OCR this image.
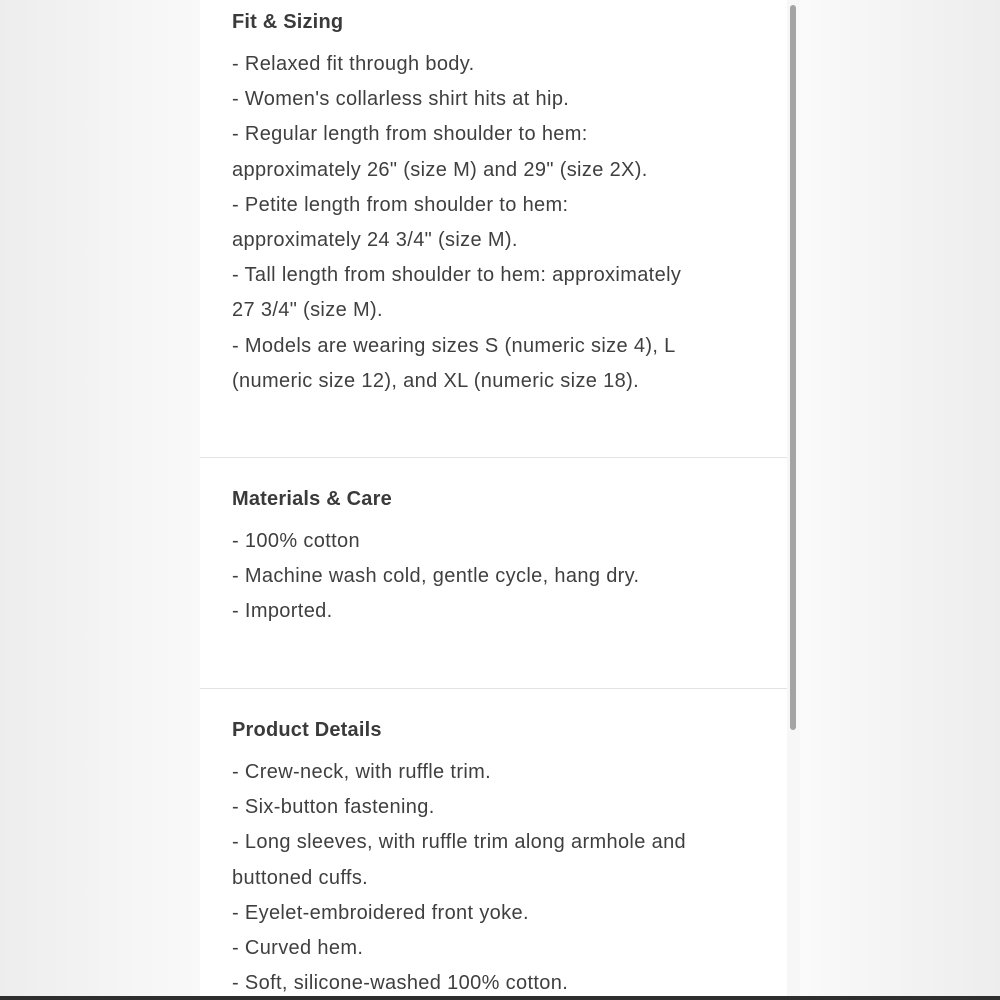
Fit & Sizing
- Relaxed fit through body.
- Women's collarless shirt hits at hip.
- Regular length from shoulder to hem:
approximately 26" (size M) and 29" (size 2X).
- Petite length from shoulder to hem:
approximately 24 3/4" (size M).
- Tall length from shoulder to hem: approximately
27 3/4" (size M).
- Models are wearing sizes S (numeric size 4), L
(numeric size 12), and XL (numeric size 18).
Materials & Care
- 100% cotton
- Machine wash cold, gentle cycle, hang dry.
- Imported.
Product Details
- Crew-neck, with ruffle trim.
- Six-button fastening.
- Long sleeves, with ruffle trim along armhole and
buttoned cuffs.
- Eyelet-embroidered front yoke.
- Curved hem.
- Soft, silicone-washed 100% cotton.
